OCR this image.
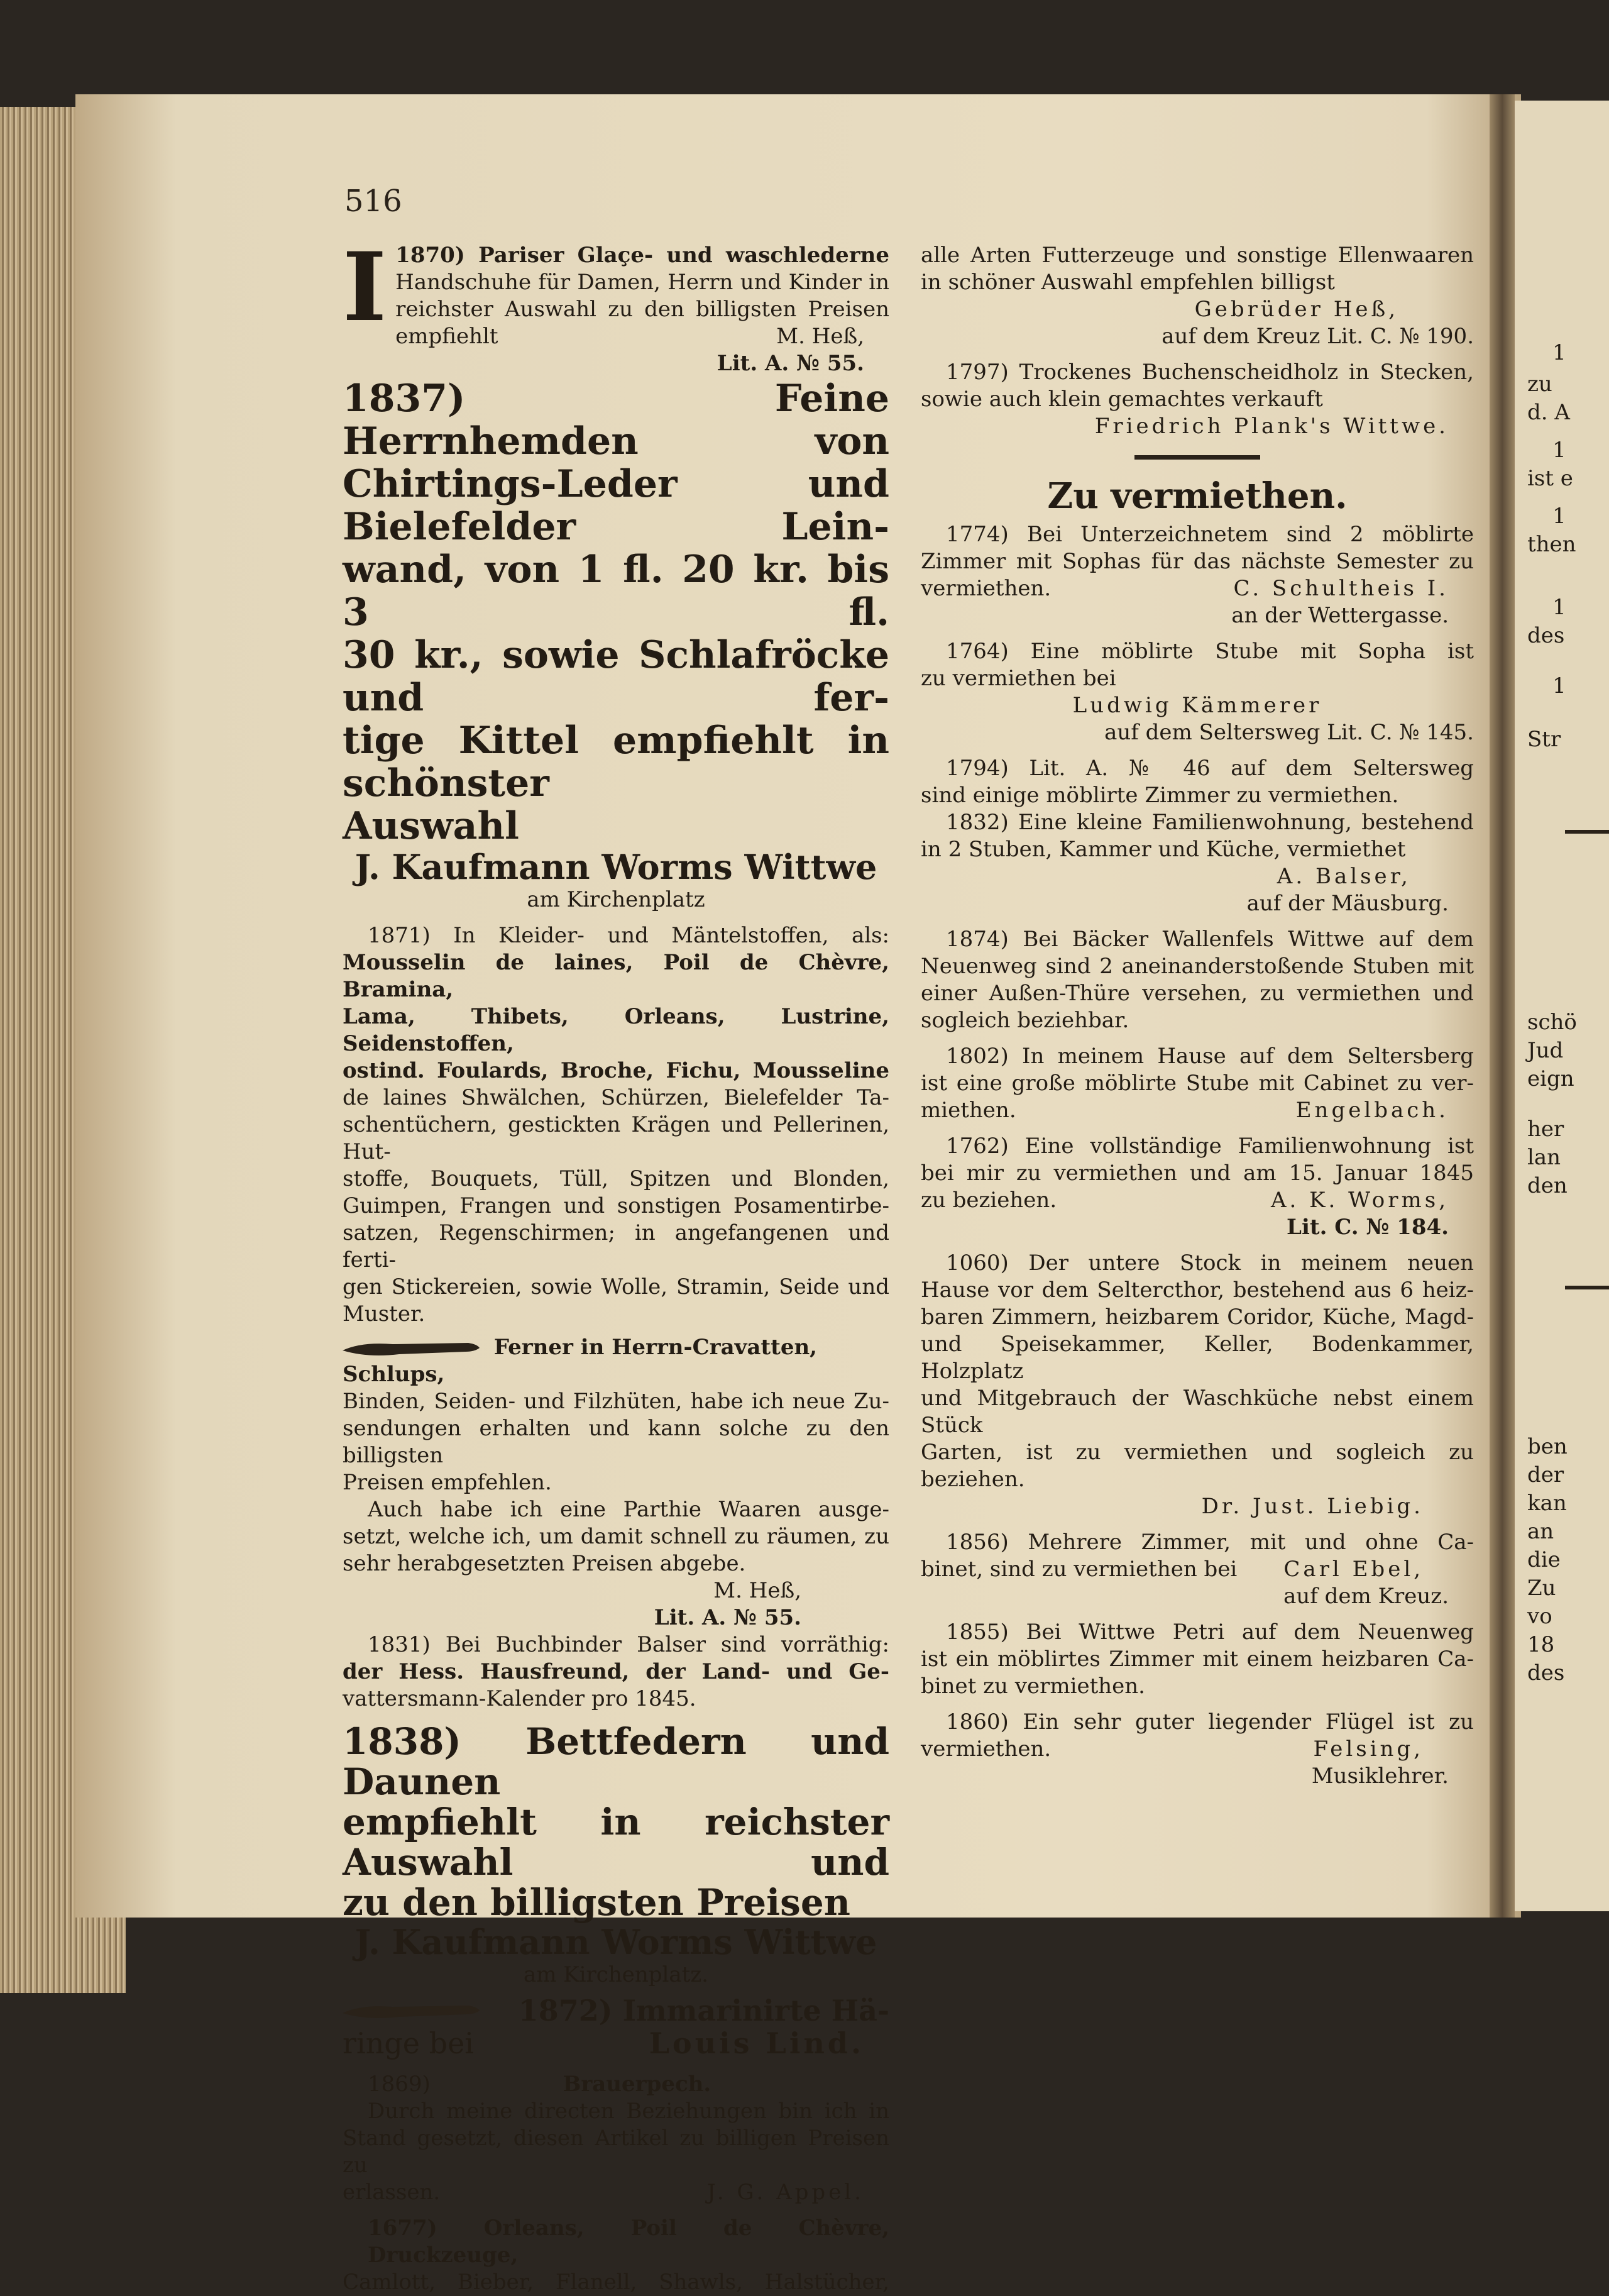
1

zu

d. A

1

ist e

1

then

1

des

1

Str

schö

Jud

eign

her

lan

den

ben

der

kan

an

die

Zu

vo

18

des

516
I 1870) Pariser Glaçe- und waschlederne

Handschuhe für Damen, Herrn und Kinder in

reichster Auswahl zu den billigsten Preisen

empfiehlt	M. Heß,

Lit. A. № 55.

1837) Feine Herrnhemden von

Chirtings-Leder und Bielefelder Lein-

wand, von 1 fl. 20 kr. bis 3 fl.

30 kr., sowie Schlafröcke und fer-

tige Kittel empfiehlt in schönster

Auswahl

J. Kaufmann Worms Wittwe

am Kirchenplatz

1871) In Kleider- und Mäntelstoffen, als:

Mousselin de laines, Poil de Chèvre, Bramina,

Lama, Thibets, Orleans, Lustrine, Seidenstoffen,

ostind. Foulards, Broche, Fichu, Mousseline

de laines Shwälchen, Schürzen, Bielefelder Ta-

schentüchern, gestickten Krägen und Pellerinen, Hut-

stoffe, Bouquets, Tüll, Spitzen und Blonden,

Guimpen, Frangen und sonstigen Posamentirbe-

satzen, Regenschirmen; in angefangenen und ferti-

gen Stickereien, sowie Wolle, Stramin, Seide und

Muster.

Ferner in Herrn-Cravatten, Schlups,

Binden, Seiden- und Filzhüten, habe ich neue Zu-

sendungen erhalten und kann solche zu den billigsten

Preisen empfehlen.

Auch habe ich eine Parthie Waaren ausge-

setzt, welche ich, um damit schnell zu räumen, zu

sehr herabgesetzten Preisen abgebe.

M. Heß,

Lit. A. № 55.

1831) Bei Buchbinder Balser sind vorräthig:

der Hess. Hausfreund, der Land- und Ge-

vattersmann-Kalender pro 1845.

1838) Bettfedern und Daunen

empfiehlt in reichster Auswahl und

zu den billigsten Preisen

J. Kaufmann Worms Wittwe

am Kirchenplatz.

1872) Immarinirte Hä-

ringe bei	Louis Lind.

1869)	Brauerpech.

Durch meine directen Beziehungen bin ich in

Stand gesetzt, diesen Artikel zu billigen Preisen zu

erlassen.	J. G. Appel.

1677) Orleans, Poil de Chèvre, Druckzeuge,

Camlott, Bieber, Flanell, Shawls, Halstücher,

alle Arten Futterzeuge und sonstige Ellenwaaren

in schöner Auswahl empfehlen billigst

Gebrüder Heß,

auf dem Kreuz Lit. C. № 190.

1797) Trockenes Buchenscheidholz in Stecken,

sowie auch klein gemachtes verkauft

Friedrich Plank's Wittwe.

Zu vermiethen.

1774) Bei Unterzeichnetem sind 2 möblirte

Zimmer mit Sophas für das nächste Semester zu

vermiethen.	C. Schultheis I.

an der Wettergasse.

1764) Eine möblirte Stube mit Sopha ist

zu vermiethen bei

Ludwig Kämmerer

auf dem Seltersweg Lit. C. № 145.

1794) Lit. A. № 46 auf dem Seltersweg

sind einige möblirte Zimmer zu vermiethen.

1832) Eine kleine Familienwohnung, bestehend

in 2 Stuben, Kammer und Küche, vermiethet

A. Balser,

auf der Mäusburg.

1874) Bei Bäcker Wallenfels Wittwe auf dem

Neuenweg sind 2 aneinanderstoßende Stuben mit

einer Außen-Thüre versehen, zu vermiethen und

sogleich beziehbar.

1802) In meinem Hause auf dem Seltersberg

ist eine große möblirte Stube mit Cabinet zu ver-

miethen.	Engelbach.

1762) Eine vollständige Familienwohnung ist

bei mir zu vermiethen und am 15. Januar 1845

zu beziehen.	A. K. Worms,

Lit. C. № 184.

1060) Der untere Stock in meinem neuen

Hause vor dem Selterсthor, bestehend aus 6 heiz-

baren Zimmern, heizbarem Coridor, Küche, Magd-

und Speisekammer, Keller, Bodenkammer, Holzplatz

und Mitgebrauch der Waschküche nebst einem Stück

Garten, ist zu vermiethen und sogleich zu beziehen.

Dr. Just. Liebig.

1856) Mehrere Zimmer, mit und ohne Ca-

binet, sind zu vermiethen bei Carl Ebel,

auf dem Kreuz.

1855) Bei Wittwe Petri auf dem Neuenweg

ist ein möblirtes Zimmer mit einem heizbaren Ca-

binet zu vermiethen.

1860) Ein sehr guter liegender Flügel ist zu

vermiethen.	Felsing,

Musiklehrer.
